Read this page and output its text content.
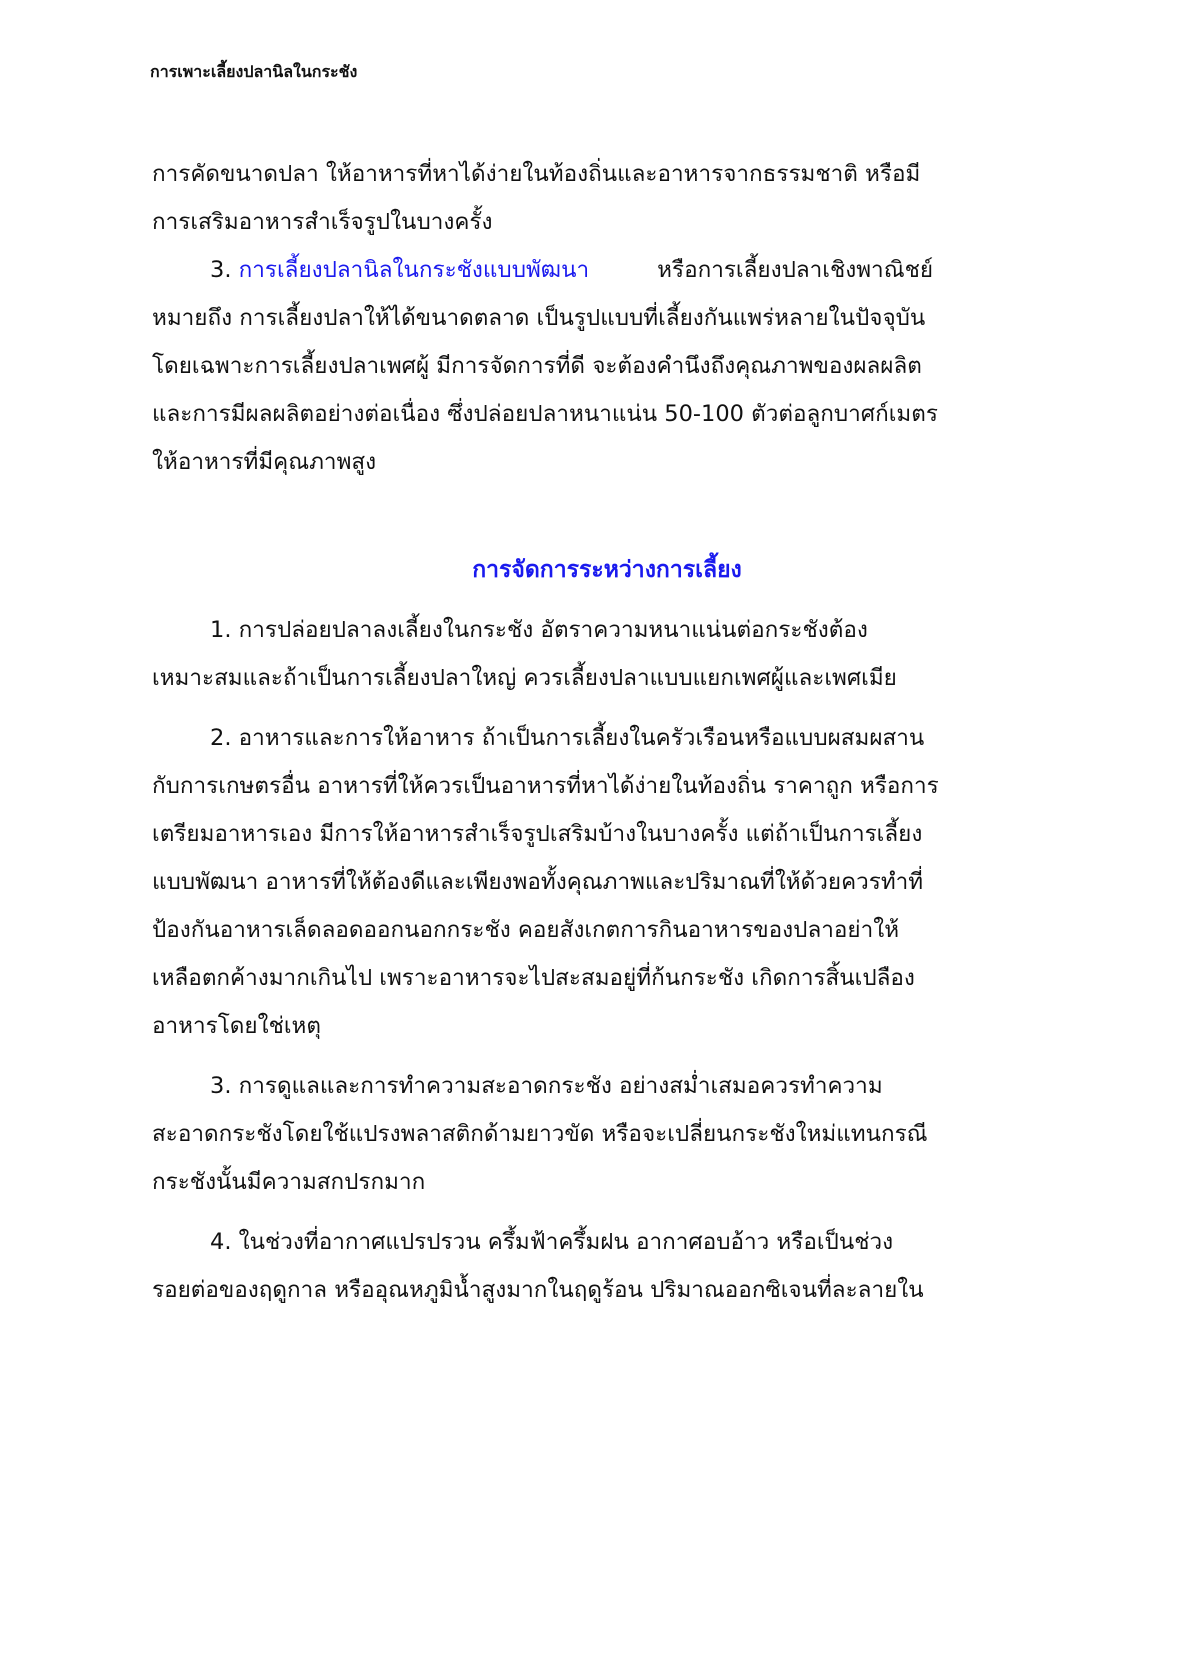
การเพาะเลี้ยงปลานิลในกระชัง
การคัดขนาดปลา ให้อาหารที่หาได้ง่ายในท้องถิ่นและอาหารจากธรรมชาติ หรือมี
การเสริมอาหารสำเร็จรูปในบางครั้ง
3. การเลี้ยงปลานิลในกระชังแบบพัฒนา	หรือการเลี้ยงปลาเชิงพาณิชย์
หมายถึง การเลี้ยงปลาให้ได้ขนาดตลาด เป็นรูปแบบที่เลี้ยงกันแพร่หลายในปัจจุบัน
โดยเฉพาะการเลี้ยงปลาเพศผู้ มีการจัดการที่ดี จะต้องคำนึงถึงคุณภาพของผลผลิต
และการมีผลผลิตอย่างต่อเนื่อง ซึ่งปล่อยปลาหนาแน่น 50-100 ตัวต่อลูกบาศก์เมตร
ให้อาหารที่มีคุณภาพสูง
การจัดการระหว่างการเลี้ยง
1. การปล่อยปลาลงเลี้ยงในกระชัง อัตราความหนาแน่นต่อกระชังต้อง
เหมาะสมและถ้าเป็นการเลี้ยงปลาใหญ่ ควรเลี้ยงปลาแบบแยกเพศผู้และเพศเมีย
2. อาหารและการให้อาหาร ถ้าเป็นการเลี้ยงในครัวเรือนหรือแบบผสมผสาน
กับการเกษตรอื่น อาหารที่ให้ควรเป็นอาหารที่หาได้ง่ายในท้องถิ่น ราคาถูก หรือการ
เตรียมอาหารเอง มีการให้อาหารสำเร็จรูปเสริมบ้างในบางครั้ง แต่ถ้าเป็นการเลี้ยง
แบบพัฒนา อาหารที่ให้ต้องดีและเพียงพอทั้งคุณภาพและปริมาณที่ให้ด้วยควรทำที่
ป้องกันอาหารเล็ดลอดออกนอกกระชัง คอยสังเกตการกินอาหารของปลาอย่าให้
เหลือตกค้างมากเกินไป เพราะอาหารจะไปสะสมอยู่ที่ก้นกระชัง เกิดการสิ้นเปลือง
อาหารโดยใช่เหตุ
3. การดูแลและการทำความสะอาดกระชัง อย่างสม่ำเสมอควรทำความ
สะอาดกระชังโดยใช้แปรงพลาสติกด้ามยาวขัด หรือจะเปลี่ยนกระชังใหม่แทนกรณี
กระชังนั้นมีความสกปรกมาก
4. ในช่วงที่อากาศแปรปรวน ครึ้มฟ้าครึ้มฝน อากาศอบอ้าว หรือเป็นช่วง
รอยต่อของฤดูกาล หรืออุณหภูมิน้ำสูงมากในฤดูร้อน ปริมาณออกซิเจนที่ละลายใน
